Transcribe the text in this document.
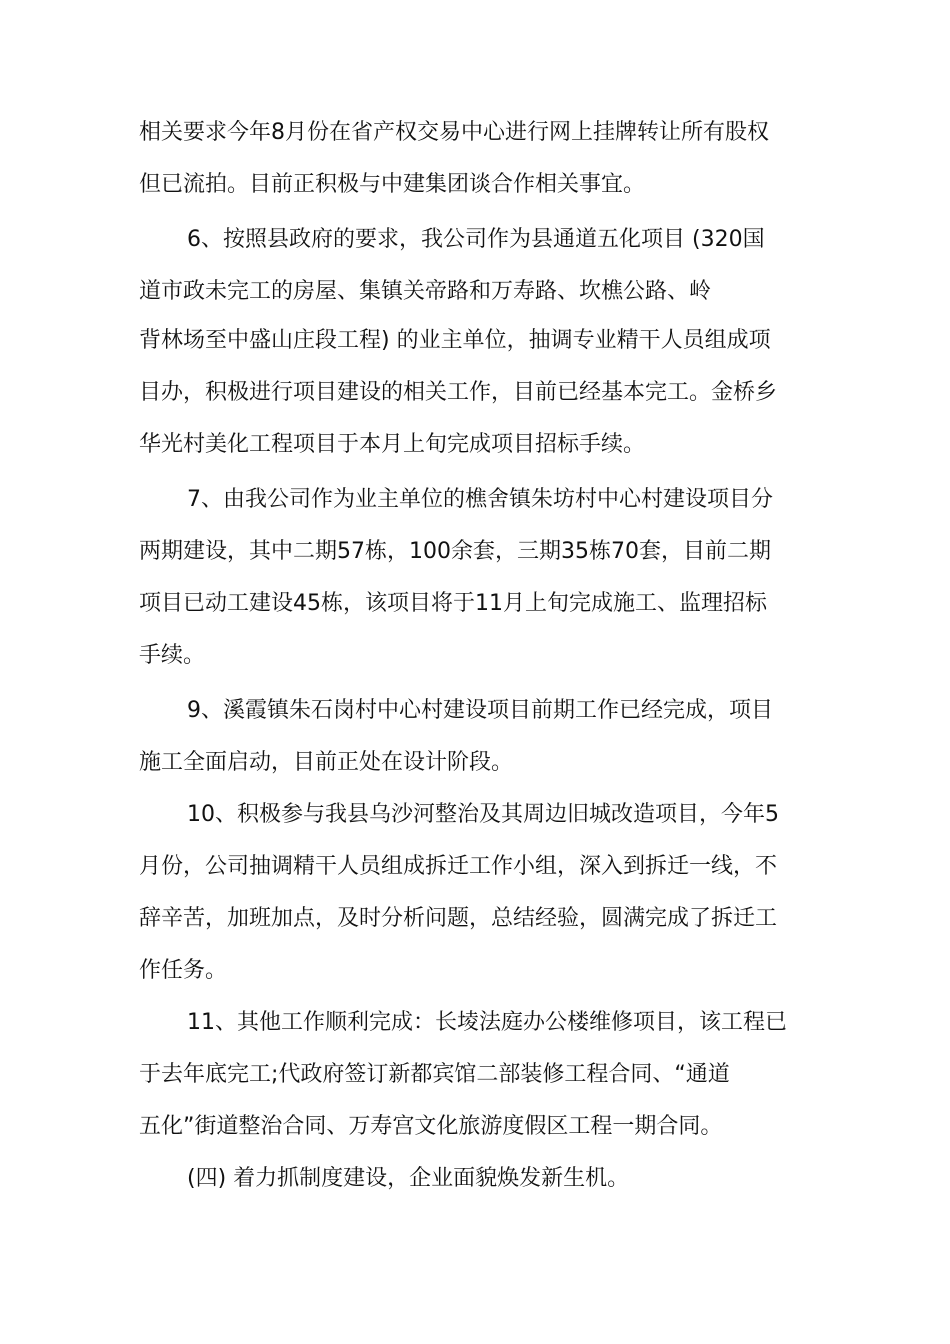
相关要求今年8月份在省产权交易中心进行网上挂牌转让所有股权
但已流拍。目前正积极与中建集团谈合作相关事宜。
6、按照县政府的要求，我公司作为县通道五化项目 (320国
道市政未完工的房屋、集镇关帝路和万寿路、坎樵公路、岭
背林场至中盛山庄段工程) 的业主单位，抽调专业精干人员组成项
目办，积极进行项目建设的相关工作，目前已经基本完工。金桥乡
华光村美化工程项目于本月上旬完成项目招标手续。
7、由我公司作为业主单位的樵舍镇朱坊村中心村建设项目分
两期建设，其中二期57栋，100余套，三期35栋70套，目前二期
项目已动工建设45栋，该项目将于11月上旬完成施工、监理招标
手续。
9、溪霞镇朱石岗村中心村建设项目前期工作已经完成，项目
施工全面启动，目前正处在设计阶段。
10、积极参与我县乌沙河整治及其周边旧城改造项目，今年5
月份，公司抽调精干人员组成拆迁工作小组，深入到拆迁一线，不
辞辛苦，加班加点，及时分析问题，总结经验，圆满完成了拆迁工
作任务。
11、其他工作顺利完成：长堎法庭办公楼维修项目，该工程已
于去年底完工;代政府签订新都宾馆二部装修工程合同、“通道
五化”街道整治合同、万寿宫文化旅游度假区工程一期合同。
(四) 着力抓制度建设，企业面貌焕发新生机。
